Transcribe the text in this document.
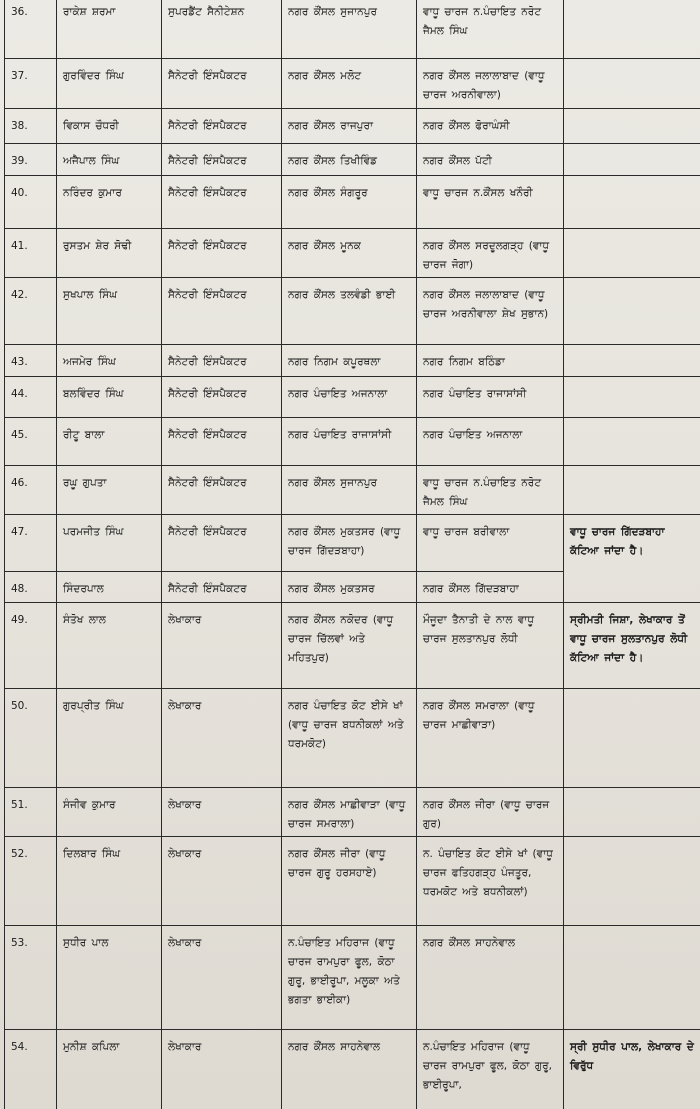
36.	ਰਾਕੇਸ਼ ਸ਼ਰਮਾ	ਸੁਪਰਡੈਂਟ ਸੈਨੀਟੇਸ਼ਨ	ਨਗਰ ਕੌਂਸਲ ਸੁਜਾਨਪੁਰ	ਵਾਧੂ ਚਾਰਜ ਨ.ਪੰਚਾਇਤ ਨਰੋਟ ਜੈਮਲ ਸਿੰਘ	
37.	ਗੁਰਵਿੰਦਰ ਸਿੰਘ	ਸੈਨੇਟਰੀ ਇੰਸਪੈਕਟਰ	ਨਗਰ ਕੌਂਸਲ ਮਲੋਟ	ਨਗਰ ਕੌਂਸਲ ਜਲਾਲਾਬਾਦ (ਵਾਧੂ ਚਾਰਜ ਅਰਨੀਵਾਲਾ)	
38.	ਵਿਕਾਸ ਚੌਧਰੀ	ਸੈਨੇਟਰੀ ਇੰਸਪੈਕਟਰ	ਨਗਰ ਕੌਂਸਲ ਰਾਜਪੁਰਾ	ਨਗਰ ਕੌਂਸਲ ਫੋਰਾਘੰਸੀ	
39.	ਅਜੈਪਾਲ ਸਿੰਘ	ਸੈਨੇਟਰੀ ਇੰਸਪੈਕਟਰ	ਨਗਰ ਕੌਂਸਲ ਤਿਖੀਵਿੰਡ	ਨਗਰ ਕੌਂਸਲ ਪੱਟੀ	
40.	ਨਰਿੰਦਰ ਕੁਮਾਰ	ਸੈਨੇਟਰੀ ਇੰਸਪੈਕਟਰ	ਨਗਰ ਕੌਂਸਲ ਸੰਗਰੂਰ	ਵਾਧੂ ਚਾਰਜ ਨ.ਕੌਂਸਲ ਖਨੌਰੀ	
41.	ਰੁਸਤਮ ਸ਼ੇਰ ਸੋਢੀ	ਸੈਨੇਟਰੀ ਇੰਸਪੈਕਟਰ	ਨਗਰ ਕੌਂਸਲ ਮੂਨਕ	ਨਗਰ ਕੌਂਸਲ ਸਰਦੂਲਗੜ੍ਹ (ਵਾਧੂ ਚਾਰਜ ਜੋਗਾ)	
42.	ਸੁਖਪਾਲ ਸਿੰਘ	ਸੈਨੇਟਰੀ ਇੰਸਪੈਕਟਰ	ਨਗਰ ਕੌਂਸਲ ਤਲਵੰਡੀ ਭਾਈ	ਨਗਰ ਕੌਂਸਲ ਜਲਾਲਾਬਾਦ (ਵਾਧੂ ਚਾਰਜ ਅਰਨੀਵਾਲਾ ਸ਼ੇਖ ਸੁਭਾਨ)	
43.	ਅਜਮੇਰ ਸਿੰਘ	ਸੈਨੇਟਰੀ ਇੰਸਪੈਕਟਰ	ਨਗਰ ਨਿਗਮ ਕਪੂਰਥਲਾ	ਨਗਰ ਨਿਗਮ ਬਠਿੰਡਾ	
44.	ਬਲਵਿੰਦਰ ਸਿੰਘ	ਸੈਨੇਟਰੀ ਇੰਸਪੈਕਟਰ	ਨਗਰ ਪੰਚਾਇਤ ਅਜਨਾਲਾ	ਨਗਰ ਪੰਚਾਇਤ ਰਾਜਾਸਾਂਸੀ	
45.	ਰੀਟੂ ਬਾਲਾ	ਸੈਨੇਟਰੀ ਇੰਸਪੈਕਟਰ	ਨਗਰ ਪੰਚਾਇਤ ਰਾਜਾਸਾਂਸੀ	ਨਗਰ ਪੰਚਾਇਤ ਅਜਨਾਲਾ	
46.	ਰਘੂ ਗੁਪਤਾ	ਸੈਨੇਟਰੀ ਇੰਸਪੈਕਟਰ	ਨਗਰ ਕੌਂਸਲ ਸੁਜਾਨਪੁਰ	ਵਾਧੂ ਚਾਰਜ ਨ.ਪੰਚਾਇਤ ਨਰੋਟ ਜੈਮਲ ਸਿੰਘ	
47.	ਪਰਮਜੀਤ ਸਿੰਘ	ਸੈਨੇਟਰੀ ਇੰਸਪੈਕਟਰ	ਨਗਰ ਕੌਂਸਲ ਮੁਕਤਸਰ (ਵਾਧੂ ਚਾਰਜ ਗਿੱਦੜਬਾਹਾ)	ਵਾਧੂ ਚਾਰਜ ਬਰੀਵਾਲਾ	ਵਾਧੂ ਚਾਰਜ ਗਿੱਦੜਬਾਹਾ ਕੱਟਿਆ ਜਾਂਦਾ ਹੈ।
48.	ਸਿੰਦਰਪਾਲ	ਸੈਨੇਟਰੀ ਇੰਸਪੈਕਟਰ	ਨਗਰ ਕੌਂਸਲ ਮੁਕਤਸਰ	ਨਗਰ ਕੌਂਸਲ ਗਿੱਦੜਬਾਹਾ	
49.	ਸੰਤੋਖ ਲਾਲ	ਲੇਖਾਕਾਰ	ਨਗਰ ਕੌਂਸਲ ਨਕੋਦਰ (ਵਾਧੂ ਚਾਰਜ ਚਿੱਲਵਾਂ ਅਤੇ ਮਹਿਤਪੁਰ)	ਮੌਜੂਦਾ ਤੈਨਾਤੀ ਦੇ ਨਾਲ ਵਾਧੂ ਚਾਰਜ ਸੁਲਤਾਨਪੁਰ ਲੋਧੀ	ਸ੍ਰੀਮਤੀ ਜਿਸ਼ਾ, ਲੇਖਾਕਾਰ ਤੋਂ ਵਾਧੂ ਚਾਰਜ ਸੁਲਤਾਨਪੁਰ ਲੋਧੀ ਕੱਟਿਆ ਜਾਂਦਾ ਹੈ।
50.	ਗੁਰਪ੍ਰੀਤ ਸਿੰਘ	ਲੇਖਾਕਾਰ	ਨਗਰ ਪੰਚਾਇਤ ਕੋਟ ਈਸੇ ਖਾਂ (ਵਾਧੂ ਚਾਰਜ ਬਧਨੀਕਲਾਂ ਅਤੇ ਧਰਮਕੋਟ)	ਨਗਰ ਕੌਂਸਲ ਸਮਰਾਲਾ (ਵਾਧੂ ਚਾਰਜ ਮਾਛੀਵਾੜਾ)	
51.	ਸੰਜੀਵ ਕੁਮਾਰ	ਲੇਖਾਕਾਰ	ਨਗਰ ਕੌਂਸਲ ਮਾਛੀਵਾੜਾ (ਵਾਧੂ ਚਾਰਜ ਸਮਰਾਲਾ)	ਨਗਰ ਕੌਂਸਲ ਜੀਰਾ (ਵਾਧੂ ਚਾਰਜ ਗੁਰ)	
52.	ਦਿਲਬਾਰ ਸਿੰਘ	ਲੇਖਾਕਾਰ	ਨਗਰ ਕੌਂਸਲ ਜੀਰਾ (ਵਾਧੂ ਚਾਰਜ ਗੁਰੂ ਹਰਸਹਾਏ)	ਨ. ਪੰਚਾਇਤ ਕੋਟ ਈਸੇ ਖਾਂ (ਵਾਧੂ ਚਾਰਜ ਫਤਿਹਗੜ੍ਹ ਪੰਜਤੂਰ, ਧਰਮਕੋਟ ਅਤੇ ਬਧਨੀਕਲਾਂ)	
53.	ਸੁਧੀਰ ਪਾਲ	ਲੇਖਾਕਾਰ	ਨ.ਪੰਚਾਇਤ ਮਹਿਰਾਜ (ਵਾਧੂ ਚਾਰਜ ਰਾਮਪੁਰਾ ਫੂਲ, ਕੋਠਾ ਗੁਰੂ, ਭਾਈਰੂਪਾ, ਮਲੂਕਾ ਅਤੇ ਭਗਤਾ ਭਾਈਕਾ)	ਨਗਰ ਕੌਂਸਲ ਸਾਹਨੇਵਾਲ	
54.	ਮੁਨੀਸ਼ ਕਪਿਲਾ	ਲੇਖਾਕਾਰ	ਨਗਰ ਕੌਂਸਲ ਸਾਹਨੇਵਾਲ	ਨ.ਪੰਚਾਇਤ ਮਹਿਰਾਜ (ਵਾਧੂ ਚਾਰਜ ਰਾਮਪੁਰਾ ਫੂਲ, ਕੋਠਾ ਗੁਰੂ, ਭਾਈਰੂਪਾ,	ਸ੍ਰੀ ਸੁਧੀਰ ਪਾਲ, ਲੇਖਾਕਾਰ ਦੇ ਵਿਰੁੱਧ
